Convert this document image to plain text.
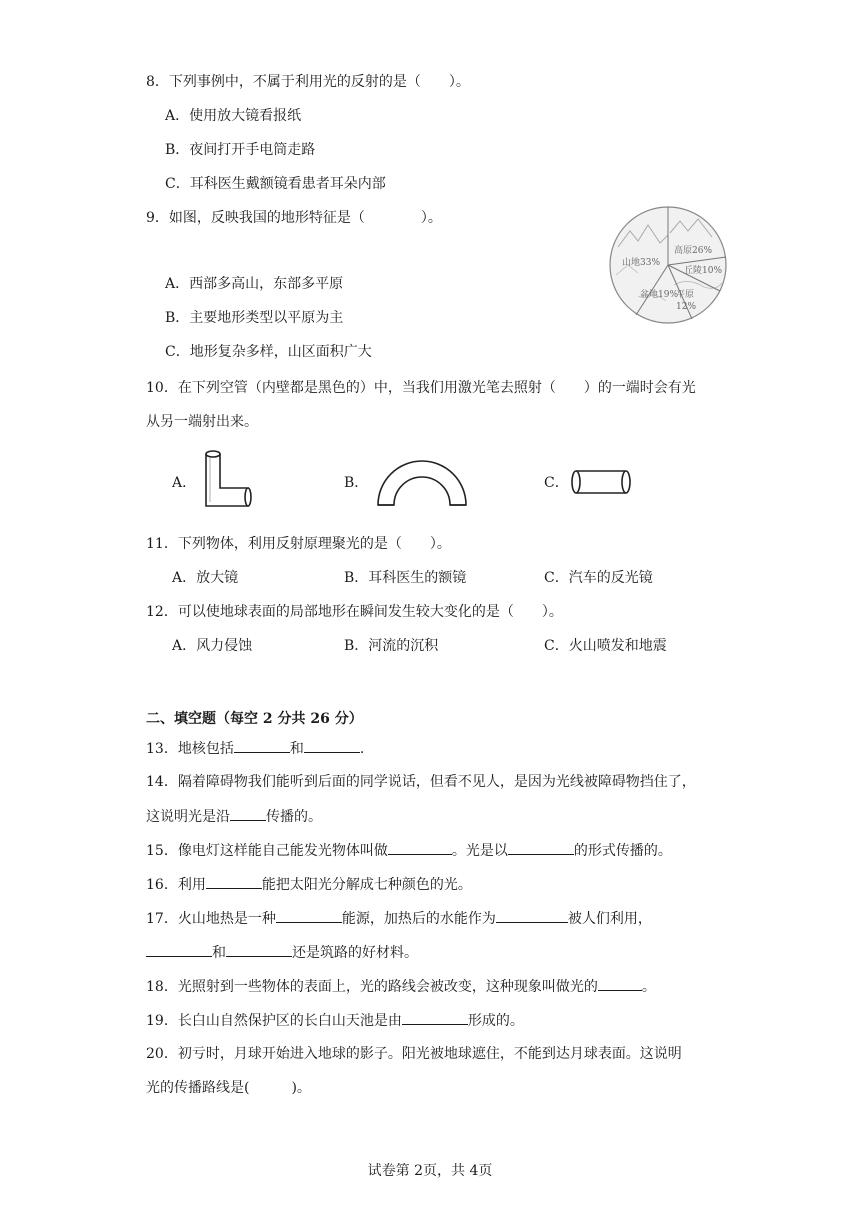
8．下列事例中，不属于利用光的反射的是（　　）。
A．使用放大镜看报纸
B．夜间打开手电筒走路
C．耳科医生戴额镜看患者耳朵内部
9．如图，反映我国的地形特征是（　　　　）。
A．西部多高山，东部多平原
B．主要地形类型以平原为主
C．地形复杂多样，山区面积广大
山地33%
高原26%
丘陵10%
盆地19%
平原
12%
10．在下列空管（内壁都是黑色的）中，当我们用激光笔去照射（　　）的一端时会有光
从另一端射出来。
A．	B．	C．
11．下列物体，利用反射原理聚光的是（　　）。
A．放大镜	B．耳科医生的额镜	C．汽车的反光镜
12．可以使地球表面的局部地形在瞬间发生较大变化的是（　　）。
A．风力侵蚀	B．河流的沉积	C．火山喷发和地震
二、填空题（每空 2 分共 26 分）
13．地核包括	和	.
14．隔着障碍物我们能听到后面的同学说话，但看不见人，是因为光线被障碍物挡住了，
这说明光是沿	传播的。
15．像电灯这样能自己能发光物体叫做	。光是以	的形式传播的。
16．利用	能把太阳光分解成七种颜色的光。
17．火山地热是一种	能源，加热后的水能作为	被人们利用，
和	还是筑路的好材料。
18．光照射到一些物体的表面上，光的路线会被改变，这种现象叫做光的	。
19．长白山自然保护区的长白山天池是由	形成的。
20．初亏时，月球开始进入地球的影子。阳光被地球遮住，不能到达月球表面。这说明
光的传播路线是(　　　)。
试卷第 2页，共 4页
